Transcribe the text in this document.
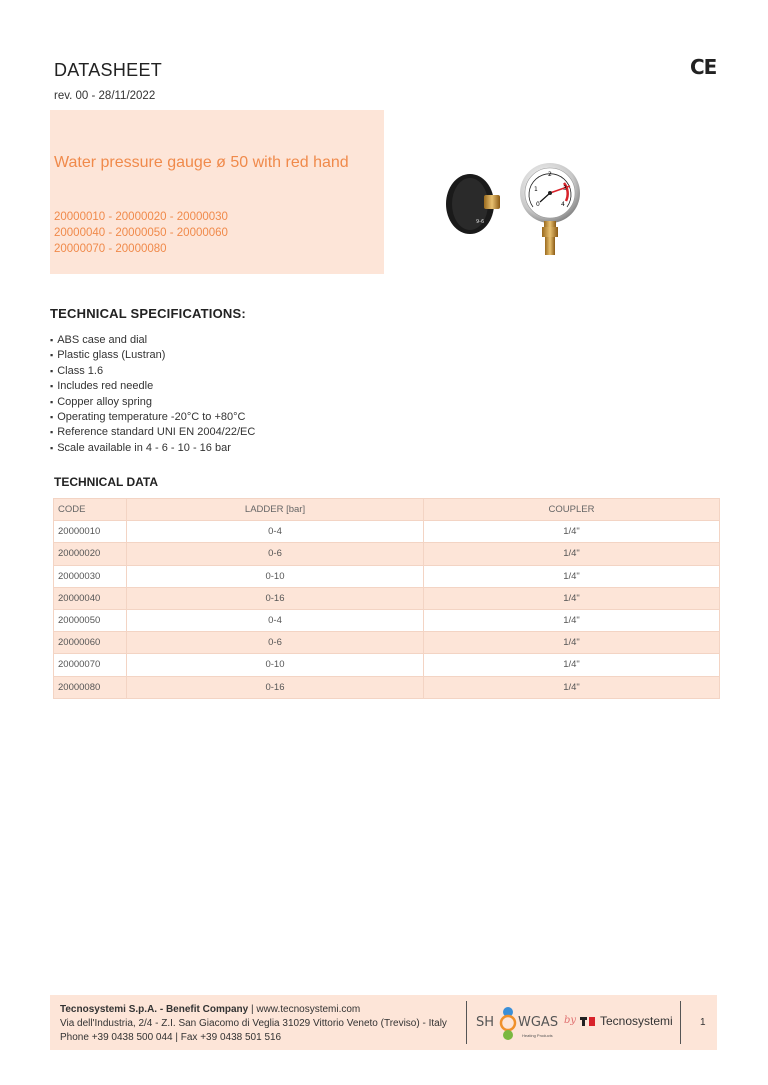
DATASHEET
rev. 00 - 28/11/2022
CE
Water pressure gauge ø 50 with red hand
20000010 - 20000020 - 20000030
20000040 - 20000050 - 20000060
20000070 - 20000080
9-6
0
1
2
3
4
TECHNICAL SPECIFICATIONS:
▪ ABS case and dial
▪ Plastic glass (Lustran)
▪ Class 1.6
▪ Includes red needle
▪ Copper alloy spring
▪ Operating temperature -20°C to +80°C
▪ Reference standard UNI EN 2004/22/EC
▪ Scale available in 4 - 6 - 10 - 16 bar
TECHNICAL DATA
CODE	LADDER [bar]	COUPLER
20000010	0-4	1/4"
20000020	0-6	1/4"
20000030	0-10	1/4"
20000040	0-16	1/4"
20000050	0-4	1/4"
20000060	0-6	1/4"
20000070	0-10	1/4"
20000080	0-16	1/4"
Tecnosystemi S.p.A. - Benefit Company | www.tecnosystemi.com
Via dell'Industria, 2/4 - Z.I. San Giacomo di Veglia 31029 Vittorio Veneto (Treviso) - Italy
Phone +39 0438 500 044 | Fax +39 0438 501 516
SH WGAS
Heating Products
by Tecnosystemi	1
